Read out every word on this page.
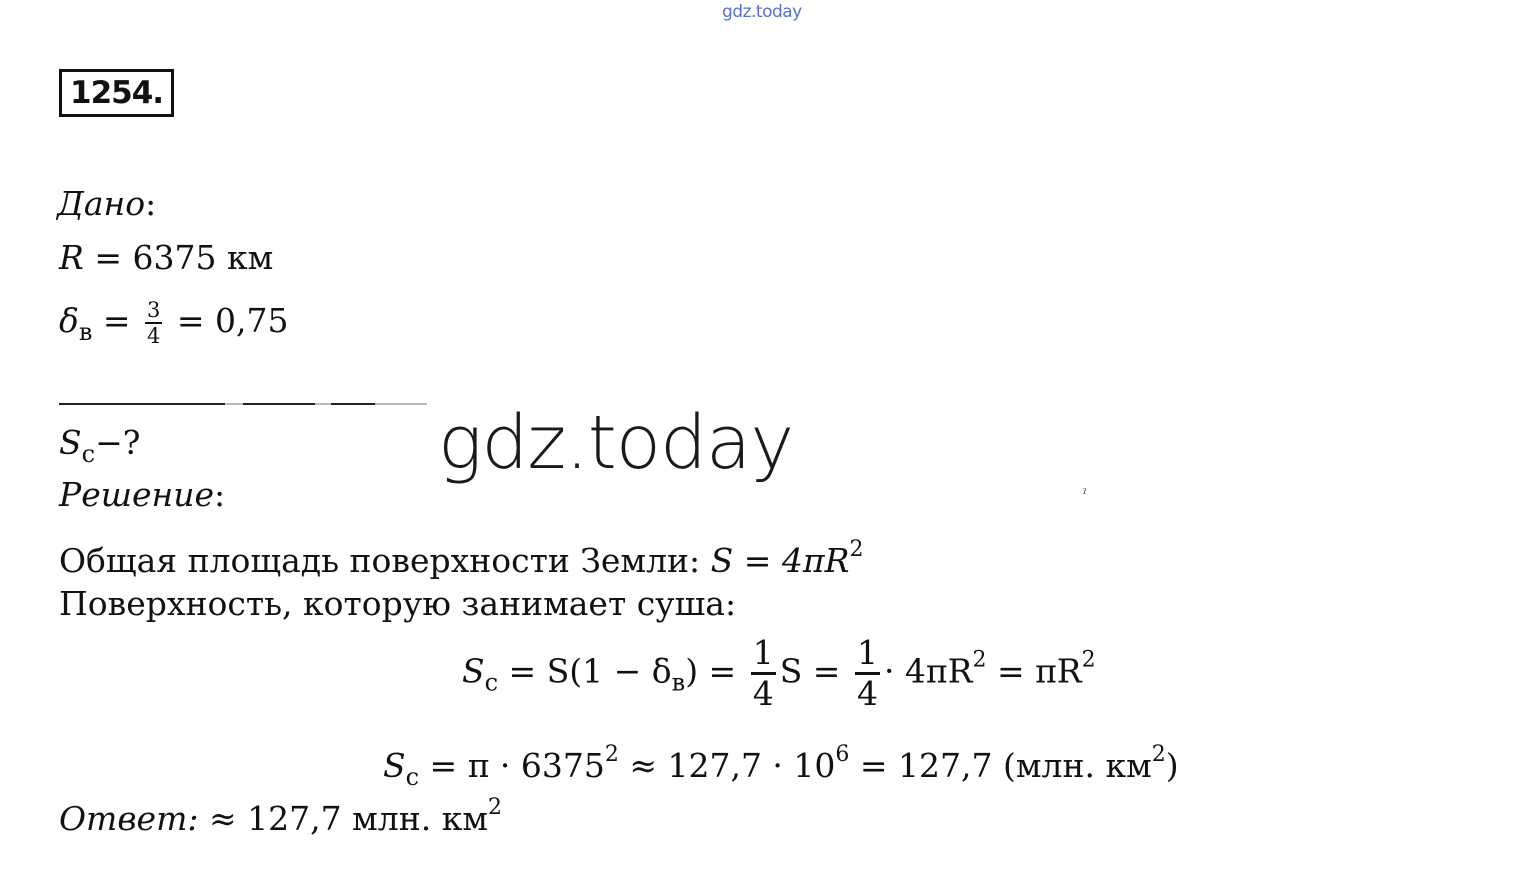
gdz.today
1254.
Дано:
R = 6375 км
$\delta_в = \frac{3}{4} = 0,75$
$S_с-$?	gdz.today
ˀ
Решение:
Общая площадь поверхности Земли: $S = 4\pi R^2$
Поверхность, которую занимает суша:
$S_с = S(1 - \delta_в) = \frac{1}{4}$ $S = \frac{1}{4} \cdot 4\pi R^2 = \pi R^2$
$S_с = \pi \cdot 6375^2 \approx 127,7 \cdot 10^6 = 127,7$ (млн. $км^2$)
Ответ: ≈ 127,7 млн. $км^2$
